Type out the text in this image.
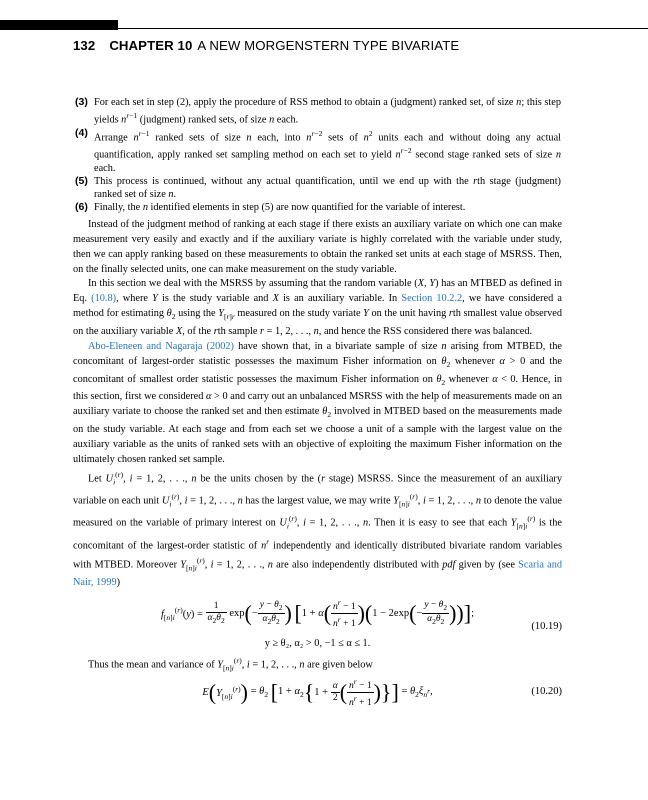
132 CHAPTER 10 A NEW MORGENSTERN TYPE BIVARIATE
(3) For each set in step (2), apply the procedure of RSS method to obtain a (judgment) ranked set, of size n; this step yields $n^{r-1}$ (judgment) ranked sets, of size n each.
(4) Arrange $n^{r-1}$ ranked sets of size n each, into $n^{r-2}$ sets of $n^2$ units each and without doing any actual quantification, apply ranked set sampling method on each set to yield $n^{r-2}$ second stage ranked sets of size n each.
(5) This process is continued, without any actual quantification, until we end up with the rth stage (judgment) ranked set of size n.
(6) Finally, the n identified elements in step (5) are now quantified for the variable of interest.

Instead of the judgment method of ranking at each stage if there exists an auxiliary variate on which one can make measurement very easily and exactly and if the auxiliary variate is highly correlated with the variable under study, then we can apply ranking based on these measurements to obtain the ranked set units at each stage of MSRSS. Then, on the finally selected units, one can make measurement on the study variable.

In this section we deal with the MSRSS by assuming that the random variable (X, Y) has an MTBED as defined in Eq. (10.8), where Y is the study variable and X is an auxiliary variable. In Section 10.2.2, we have considered a method for estimating $\theta_2$ using the $Y_{[r]r}$ measured on the study variate Y on the unit having rth smallest value observed on the auxiliary variable X, of the rth sample r = 1, 2, . . ., n, and hence the RSS considered there was balanced.

Abo-Eleneen and Nagaraja (2002) have shown that, in a bivariate sample of size n arising from MTBED, the concomitant of largest-order statistic possesses the maximum Fisher information on $\theta_2$ whenever α > 0 and the concomitant of smallest order statistic possesses the maximum Fisher information on $\theta_2$ whenever α < 0. Hence, in this section, first we considered α > 0 and carry out an unbalanced MSRSS with the help of measurements made on an auxiliary variate to choose the ranked set and then estimate $\theta_2$ involved in MTBED based on the measurements made on the study variable. At each stage and from each set we choose a unit of a sample with the largest value on the auxiliary variable as the units of ranked sets with an objective of exploiting the maximum Fisher information on the ultimately chosen ranked set sample.

Let $U_i^{(r)}$, i = 1, 2, . . ., n be the units chosen by the (r stage) MSRSS. Since the measurement of an auxiliary variable on each unit $U_i^{(r)}$, i = 1, 2, . . ., n has the largest value, we may write $Y_{[n]i}^{(r)}$, i = 1, 2, . . ., n to denote the value measured on the variable of primary interest on $U_i^{(r)}$, i = 1, 2, . . ., n. Then it is easy to see that each $Y_{[n]i}^{(r)}$ is the concomitant of the largest-order statistic of $n^r$ independently and identically distributed bivariate random variables with MTBED. Moreover $Y_{[n]i}^{(r)}$, i = 1, 2, . . ., n are also independently distributed with pdf given by (see Scaria and Nair, 1999)

$f_{[n]i}^{(r)}(y) = \frac{1}{\alpha_2\theta_2} \exp(- \frac{y - \theta_2}{\alpha_2\theta_2}$ ) [$1 + \alpha( \frac{n^r - 1}{n^r + 1} )(1 - 2\exp(- \frac{y - \theta_2}{\alpha_2\theta_2}$ ))];
(10.19)
y ≥ θ₂, α₂ > 0, −1 ≤ α ≤ 1.
Thus the mean and variance of $Y_{[n]i}^{(r)}$, i = 1, 2, . . ., n are given below
$E(Y_{[n]i}^{(r)}) = \theta_2$ [$1 + \alpha_2\{1 + \frac{\alpha}{2}$ ( $\frac{n^r - 1}{n^r + 1}$ )}] = $\theta_2\xi_{n^r}$,	(10.20)
